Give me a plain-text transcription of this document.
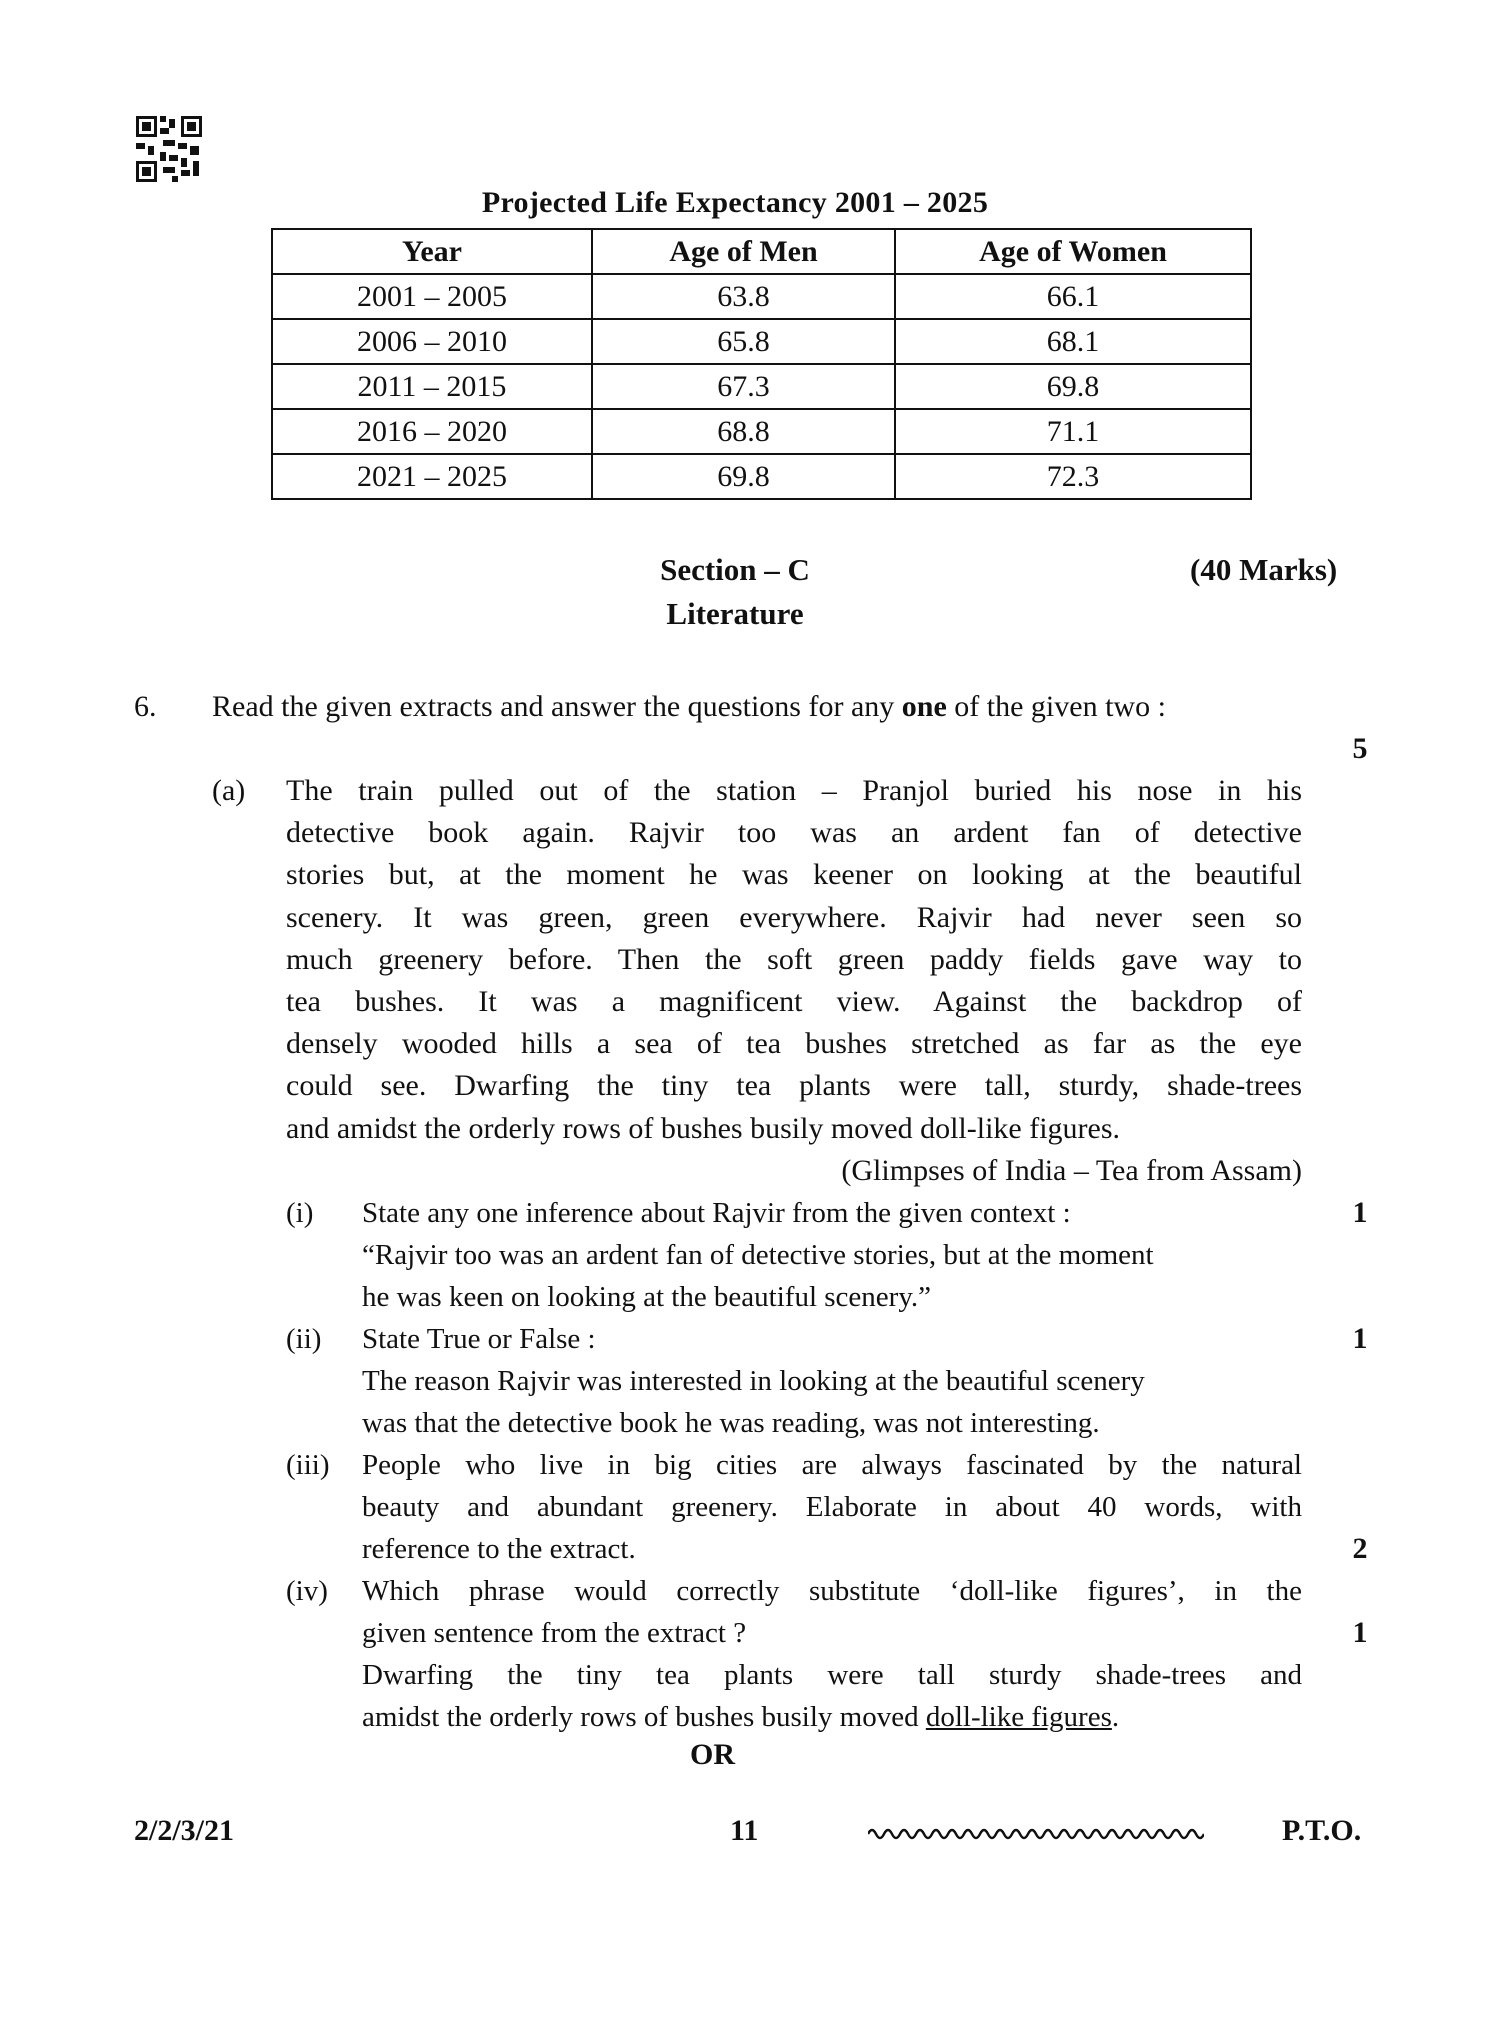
Projected Life Expectancy 2001 – 2025
Year	Age of Men	Age of Women
2001 – 2005	63.8	66.1
2006 – 2010	65.8	68.1
2011 – 2015	67.3	69.8
2016 – 2020	68.8	71.1
2021 – 2025	69.8	72.3
Section – C
Literature
(40 Marks)
6. Read the given extracts and answer the questions for any one of the given two :
5
(a) The train pulled out of the station – Pranjol buried his nose in his
detective book again. Rajvir too was an ardent fan of detective
stories but, at the moment he was keener on looking at the beautiful
scenery. It was green, green everywhere. Rajvir had never seen so
much greenery before. Then the soft green paddy fields gave way to
tea bushes. It was a magnificent view. Against the backdrop of
densely wooded hills a sea of tea bushes stretched as far as the eye
could see. Dwarfing the tiny tea plants were tall, sturdy, shade-trees
and amidst the orderly rows of bushes busily moved doll-like figures.
(Glimpses of India – Tea from Assam)
(i) State any one inference about Rajvir from the given context :
“Rajvir too was an ardent fan of detective stories, but at the moment
he was keen on looking at the beautiful scenery.”
1
(ii) State True or False :
The reason Rajvir was interested in looking at the beautiful scenery
was that the detective book he was reading, was not interesting.
1
(iii) People who live in big cities are always fascinated by the natural
beauty and abundant greenery. Elaborate in about 40 words, with
reference to the extract.	2
(iv) Which phrase would correctly substitute ‘doll-like figures’, in the
given sentence from the extract ?
Dwarfing the tiny tea plants were tall sturdy shade-trees and
amidst the orderly rows of bushes busily moved doll-like figures.
1
OR
2/2/3/21	11	P.T.O.
